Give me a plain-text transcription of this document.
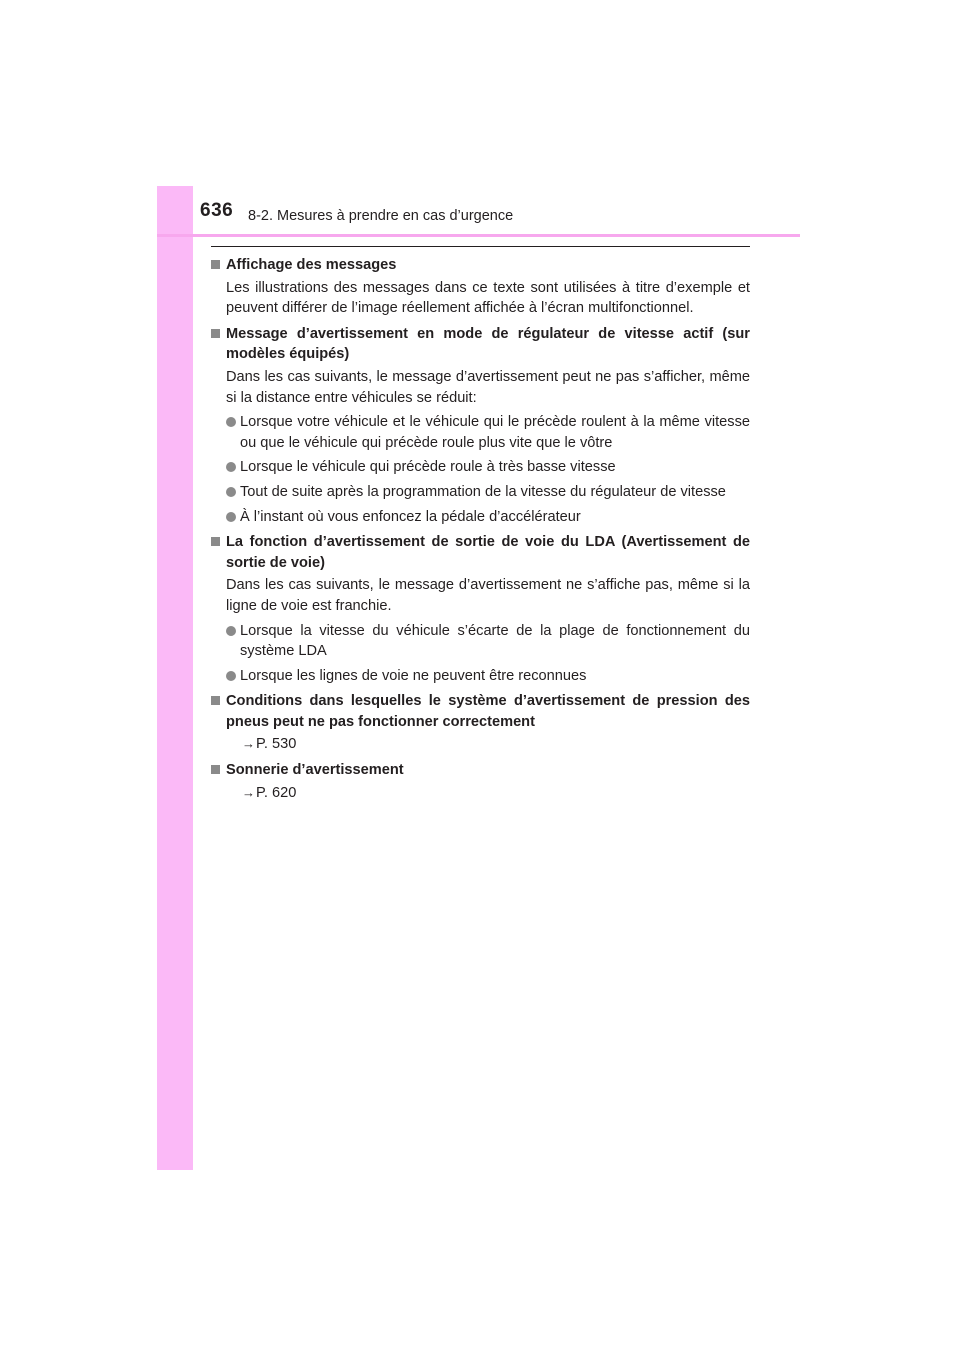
636 8-2. Mesures à prendre en cas d’urgence
Affichage des messages
Les illustrations des messages dans ce texte sont utilisées à titre d’exemple et peuvent différer de l’image réellement affichée à l’écran multifonctionnel.
Message d’avertissement en mode de régulateur de vitesse actif (sur modèles équipés)
Dans les cas suivants, le message d’avertissement peut ne pas s’afficher, même si la distance entre véhicules se réduit:
Lorsque votre véhicule et le véhicule qui le précède roulent à la même vitesse ou que le véhicule qui précède roule plus vite que le vôtre
Lorsque le véhicule qui précède roule à très basse vitesse
Tout de suite après la programmation de la vitesse du régulateur de vitesse
À l’instant où vous enfoncez la pédale d’accélérateur
La fonction d’avertissement de sortie de voie du LDA (Avertissement de sortie de voie)
Dans les cas suivants, le message d’avertissement ne s’affiche pas, même si la ligne de voie est franchie.
Lorsque la vitesse du véhicule s’écarte de la plage de fonctionnement du système LDA
Lorsque les lignes de voie ne peuvent être reconnues
Conditions dans lesquelles le système d’avertissement de pression des pneus peut ne pas fonctionner correctement
→P. 530
Sonnerie d’avertissement
→P. 620
